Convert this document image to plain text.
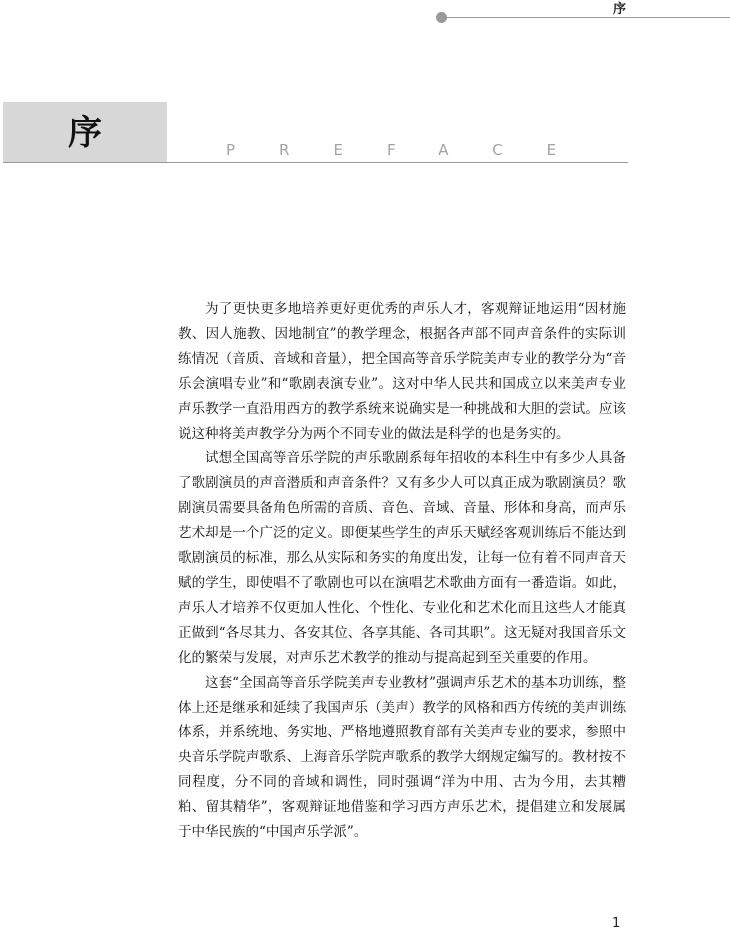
序
序	PREFACE

为了更快更多地培养更好更优秀的声乐人才，客观辩证地运用“因材施教、因人施教、因地制宜”的教学理念，根据各声部不同声音条件的实际训练情况（音质、音域和音量），把全国高等音乐学院美声专业的教学分为“音乐会演唱专业”和“歌剧表演专业”。这对中华人民共和国成立以来美声专业声乐教学一直沿用西方的教学系统来说确实是一种挑战和大胆的尝试。应该说这种将美声教学分为两个不同专业的做法是科学的也是务实的。

试想全国高等音乐学院的声乐歌剧系每年招收的本科生中有多少人具备了歌剧演员的声音潜质和声音条件？又有多少人可以真正成为歌剧演员？歌剧演员需要具备角色所需的音质、音色、音域、音量、形体和身高，而声乐艺术却是一个广泛的定义。即便某些学生的声乐天赋经客观训练后不能达到歌剧演员的标准，那么从实际和务实的角度出发，让每一位有着不同声音天赋的学生，即使唱不了歌剧也可以在演唱艺术歌曲方面有一番造诣。如此，声乐人才培养不仅更加人性化、个性化、专业化和艺术化而且这些人才能真正做到“各尽其力、各安其位、各享其能、各司其职”。这无疑对我国音乐文化的繁荣与发展，对声乐艺术教学的推动与提高起到至关重要的作用。

这套“全国高等音乐学院美声专业教材”强调声乐艺术的基本功训练，整体上还是继承和延续了我国声乐（美声）教学的风格和西方传统的美声训练体系，并系统地、务实地、严格地遵照教育部有关美声专业的要求，参照中央音乐学院声歌系、上海音乐学院声歌系的教学大纲规定编写的。教材按不同程度，分不同的音域和调性，同时强调“洋为中用、古为今用，去其糟粕、留其精华”，客观辩证地借鉴和学习西方声乐艺术，提倡建立和发展属于中华民族的“中国声乐学派”。

1
